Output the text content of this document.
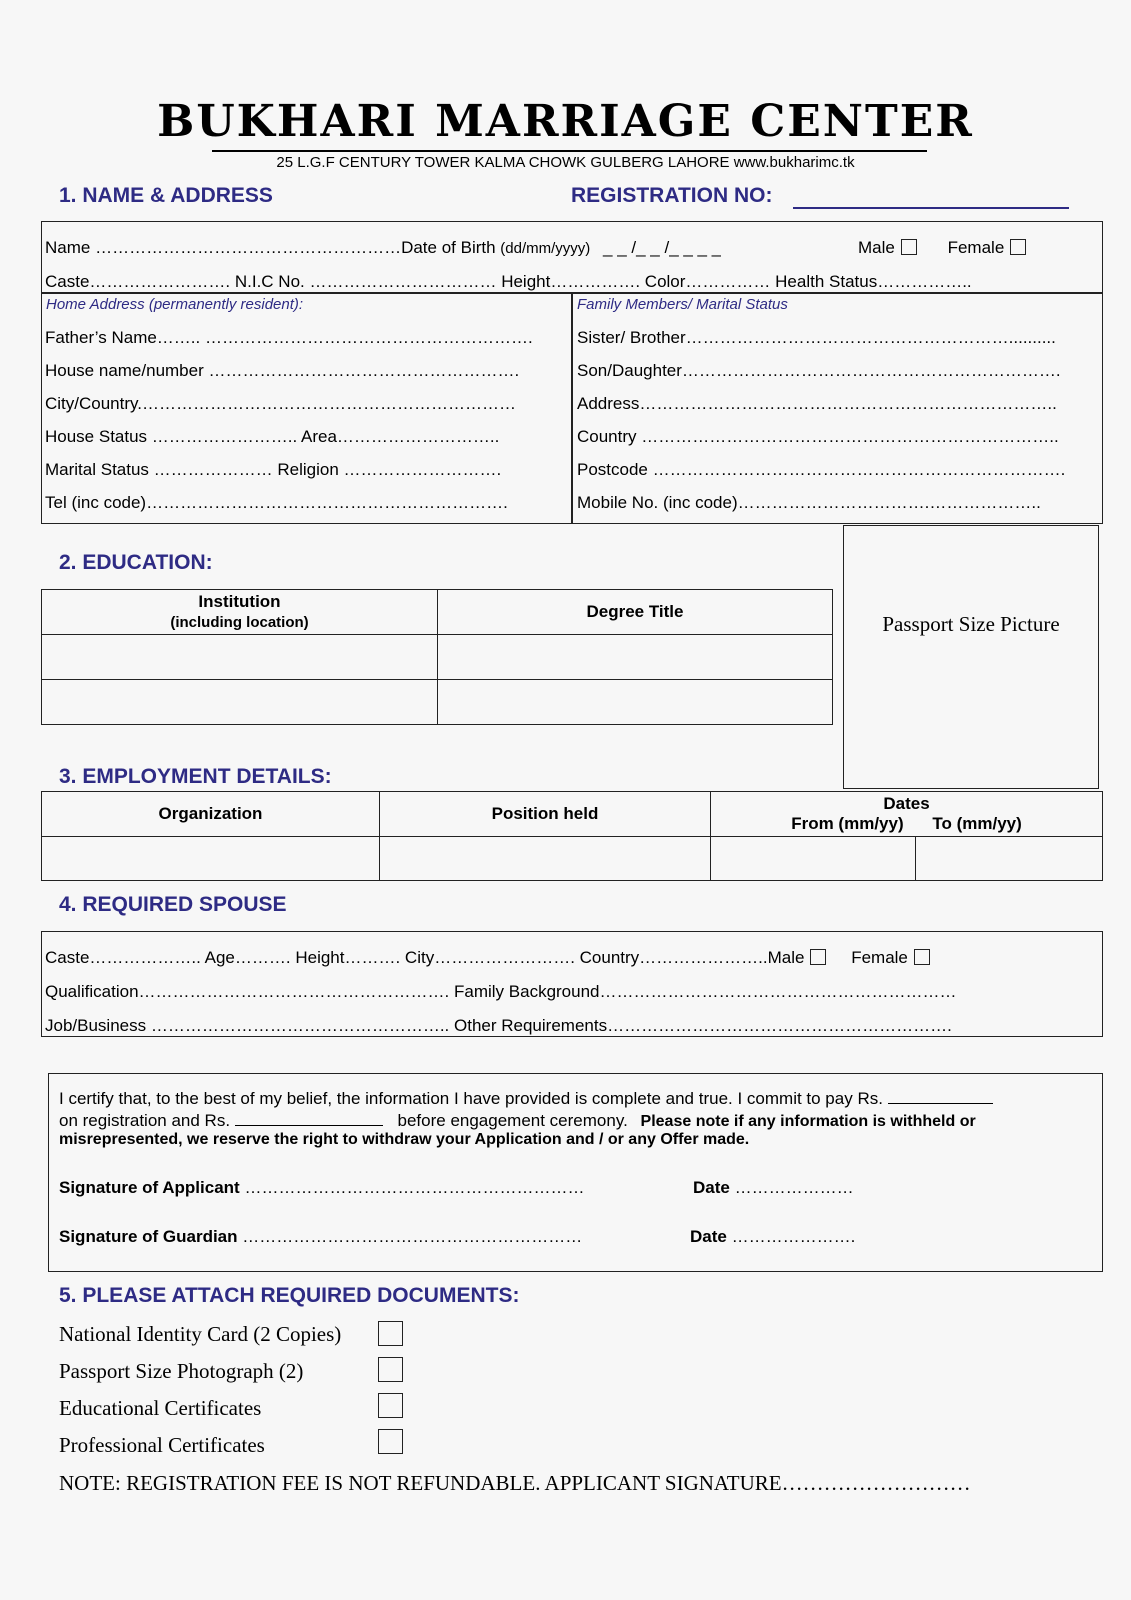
BUKHARI MARRIAGE CENTER
25 L.G.F CENTURY TOWER KALMA CHOWK GULBERG LAHORE www.bukharimc.tk
1. NAME & ADDRESS	REGISTRATION NO:
Name ………………………………………………Date of Birth (dd/mm/yyyy) _ _ /_ _ /_ _ _ _	Male	Female
Caste……………………. N.I.C No. …………………………… Height……………. Color…………… Health Status……………..
Home Address (permanently resident):	Family Members/ Marital Status
Father’s Name…….. ………………………………………………….
House name/number ……………………………………………….
City/Country.…………………………………………………………
House Status …………………….. Area………………………..
Marital Status ………………… Religion ……………………….
Tel (inc code)……………………………………………………….
Sister/ Brother…………………………………………………..........
Son/Daughter………………………………………………………….
Address………………………………………………………………..
Country ………………………………………………………………..
Postcode ……………………………………………………………….
Mobile No. (inc code)…………………………….………………..
2. EDUCATION:
Institution
(including location)	Degree Title

Passport Size Picture
3. EMPLOYMENT DETAILS:
Organization	Position held	Dates
From (mm/yy) To (mm/yy)	

4. REQUIRED SPOUSE
Caste……………….. Age………. Height………. City……………………. Country…………………..Male	Female
Qualification………………………………………………. Family Background………………………………………………………
Job/Business …………………………………………….. Other Requirements…………………………………………………….
I certify that, to the best of my belief, the information I have provided is complete and true. I commit to pay Rs.
on registration and Rs.	before engagement ceremony. Please note if any information is withheld or
misrepresented, we reserve the right to withdraw your Application and / or any Offer made.
Signature of Applicant ……………………………………………………	Date …………………
Signature of Guardian ……………………………………………………	Date ………………….
5. PLEASE ATTACH REQUIRED DOCUMENTS:
National Identity Card (2 Copies)
Passport Size Photograph (2)
Educational Certificates
Professional Certificates
NOTE: REGISTRATION FEE IS NOT REFUNDABLE. APPLICANT SIGNATURE………………………
